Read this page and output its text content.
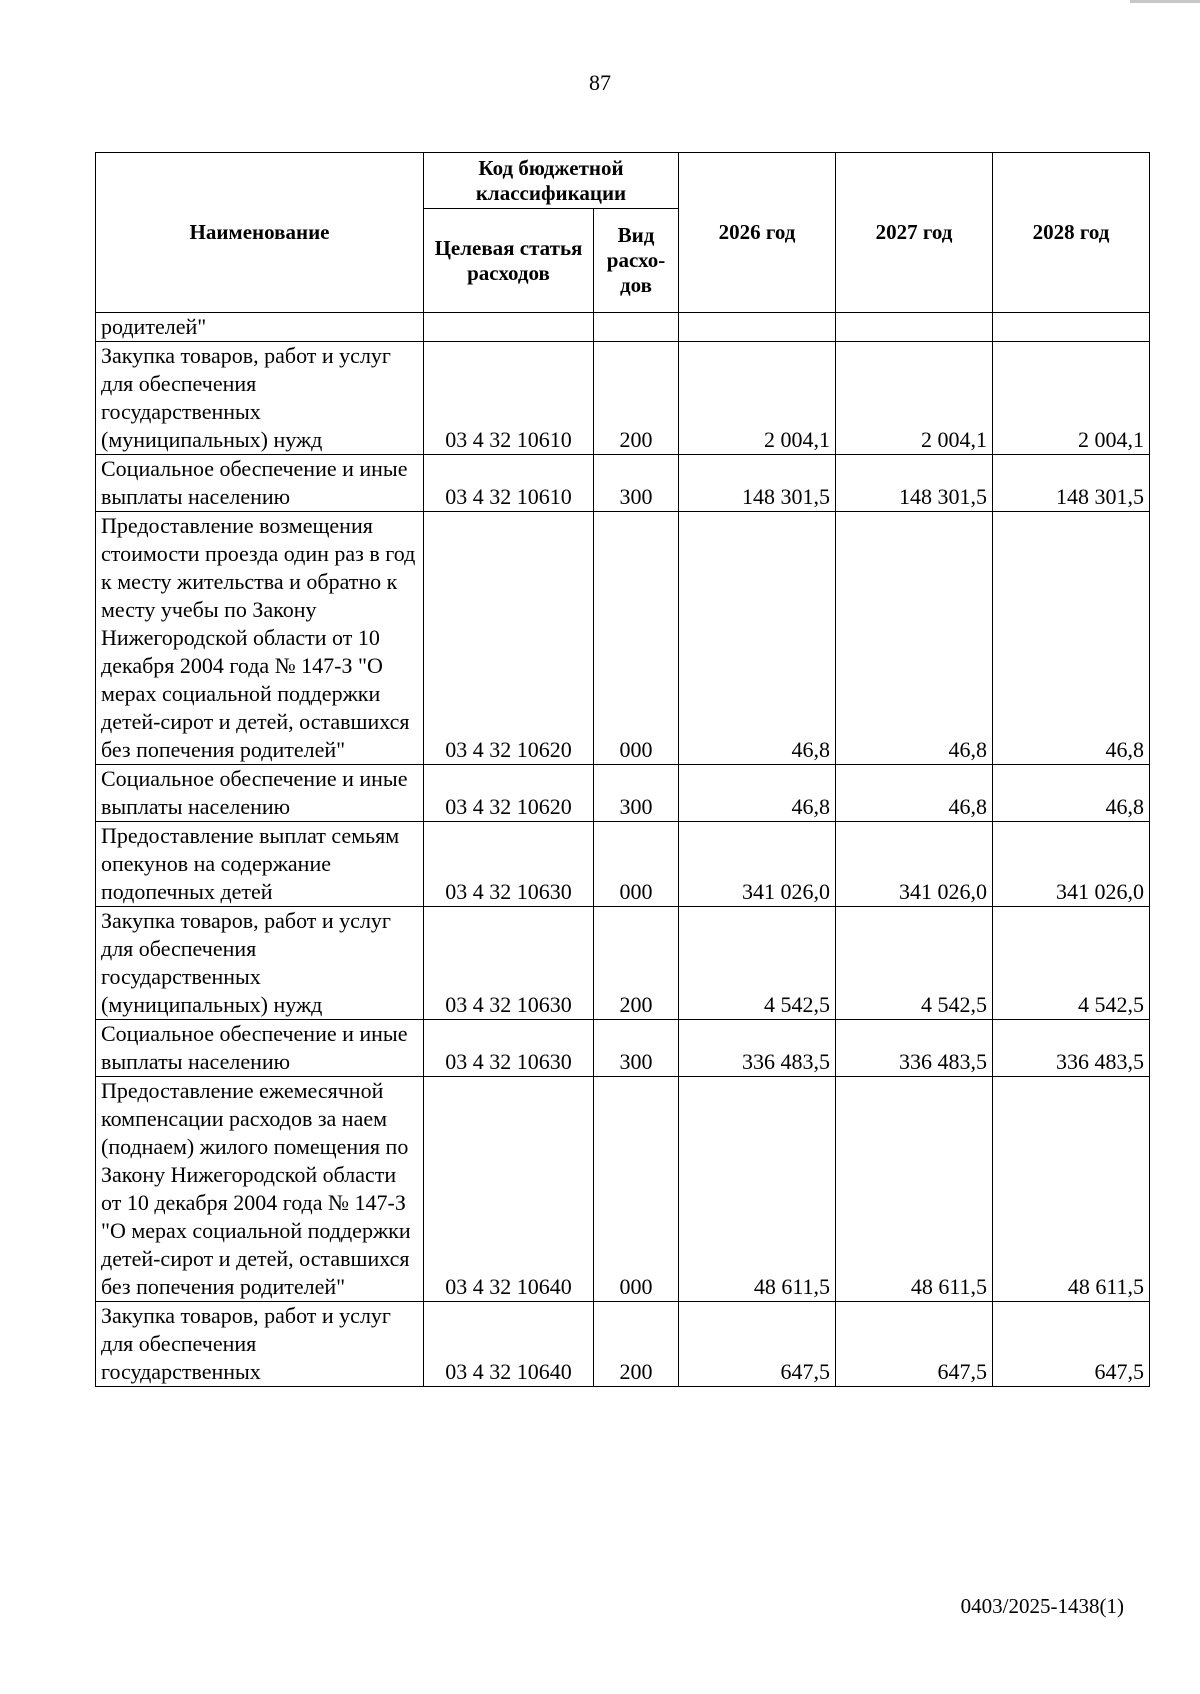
87
Наименование	Код бюджетной классификации		2026 год	2027 год	2028 год
	Целевая статья расходов	Вид расхо-дов			
родителей"					
Закупка товаров, работ и услуг для обеспечения государственных (муниципальных) нужд	03 4 32 10610	200	2 004,1	2 004,1	2 004,1
Социальное обеспечение и иные выплаты населению	03 4 32 10610	300	148 301,5	148 301,5	148 301,5
Предоставление возмещения стоимости проезда один раз в год к месту жительства и обратно к месту учебы по Закону Нижегородской области от 10 декабря 2004 года № 147-З "О мерах социальной поддержки детей-сирот и детей, оставшихся без попечения родителей"	03 4 32 10620	000	46,8	46,8	46,8
Социальное обеспечение и иные выплаты населению	03 4 32 10620	300	46,8	46,8	46,8
Предоставление выплат семьям опекунов на содержание подопечных детей	03 4 32 10630	000	341 026,0	341 026,0	341 026,0
Закупка товаров, работ и услуг для обеспечения государственных (муниципальных) нужд	03 4 32 10630	200	4 542,5	4 542,5	4 542,5
Социальное обеспечение и иные выплаты населению	03 4 32 10630	300	336 483,5	336 483,5	336 483,5
Предоставление ежемесячной компенсации расходов за наем (поднаем) жилого помещения по Закону Нижегородской области от 10 декабря 2004 года № 147-З "О мерах социальной поддержки детей-сирот и детей, оставшихся без попечения родителей"	03 4 32 10640	000	48 611,5	48 611,5	48 611,5
Закупка товаров, работ и услуг для обеспечения государственных	03 4 32 10640	200	647,5	647,5	647,5
0403/2025-1438(1)
